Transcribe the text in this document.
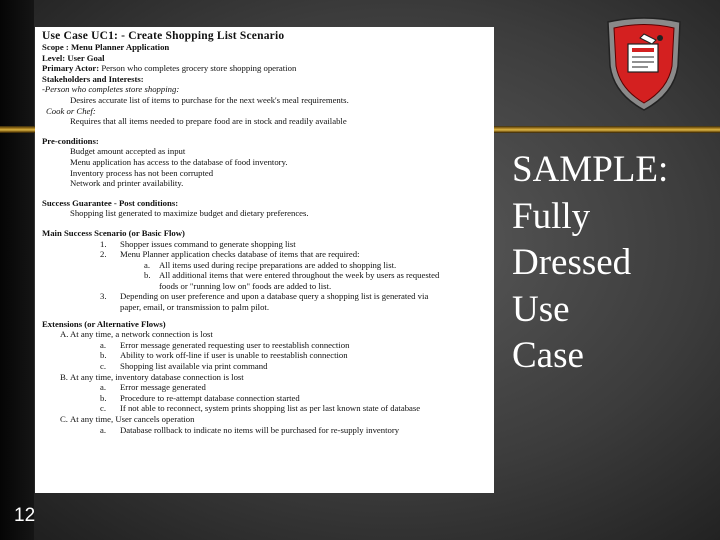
Use Case UC1: - Create Shopping List Scenario
Scope : Menu Planner Application
Level: User Goal
Primary Actor: Person who completes grocery store shopping operation
Stakeholders and Interests:
-Person who completes store shopping:
Desires accurate list of items to purchase for the next week's meal requirements.
Cook or Chef:
Requires that all items needed to prepare food are in stock and readily available
Pre-conditions:
Budget amount accepted as input
Menu application has access to the database of food inventory.
Inventory process has not been corrupted
Network and printer availability.
Success Guarantee - Post conditions:
Shopping list generated to maximize budget and dietary preferences.
Main Success Scenario (or Basic Flow)
1.	Shopper issues command to generate shopping list
2.	Menu Planner application checks database of items that are required:
a.	All items used during recipe preparations are added to shopping list.
b. All additional items that were entered throughout the week by users as requested
foods or "running low on" foods are added to list.
3.	Depending on user preference and upon a database query a shopping list is generated via
paper, email, or transmission to palm pilot.
Extensions (or Alternative Flows)
A. At any time, a network connection is lost
a.	Error message generated requesting user to reestablish connection
b.	Ability to work off-line if user is unable to reestablish connection
c.	Shopping list available via print command
B. At any time, inventory database connection is lost
a.	Error message generated
b.	Procedure to re-attempt database connection started
c.	If not able to reconnect, system prints shopping list as per last known state of database
C. At any time, User cancels operation
a.	Database rollback to indicate no items will be purchased for re-supply inventory
SAMPLE:
Fully
Dressed
Use
Case
12
